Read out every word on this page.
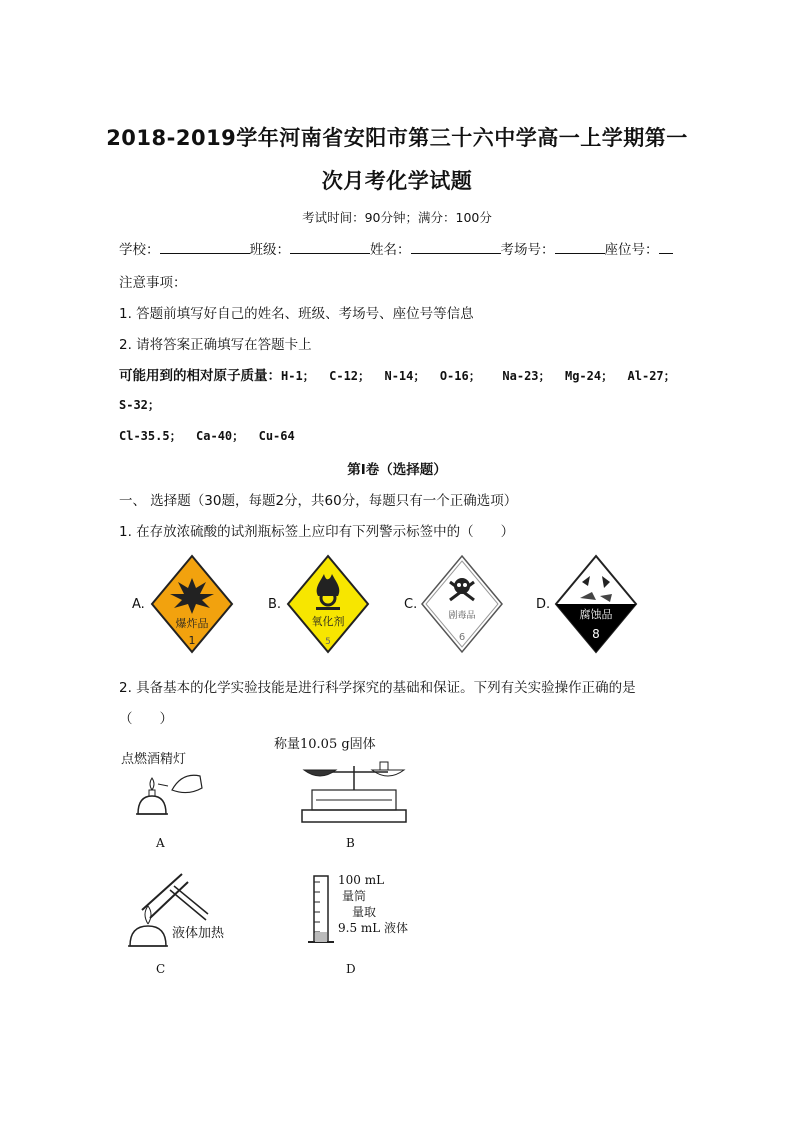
2018-2019学年河南省安阳市第三十六中学高一上学期第一
次月考化学试题
考试时间：90分钟；满分：100分
学校：	班级：	姓名：	考场号：	座位号：
注意事项：
1. 答题前填写好自己的姓名、班级、考场号、座位号等信息
2. 请将答案正确填写在答题卡上
可能用到的相对原子质量：H-1；  C-12；  N-14；  O-16；   Na-23；  Mg-24；  Al-27；
S-32；
Cl-35.5；  Ca-40；  Cu-64
第Ⅰ卷（选择题）
一、 选择题（30题，每题2分，共60分，每题只有一个正确选项）
1. 在存放浓硫酸的试剂瓶标签上应印有下列警示标签中的（　　）
A.
爆炸品
1
B.
氧化剂
5
C.
剧毒品
6
D.
腐蚀品
8
2. 具备基本的化学实验技能是进行科学探究的基础和保证。下列有关实验操作正确的是
（　　）
点燃酒精灯
A
称量10.05 g固体
B
液体加热
C
100 mL
量筒
量取
9.5 mL 液体
D
